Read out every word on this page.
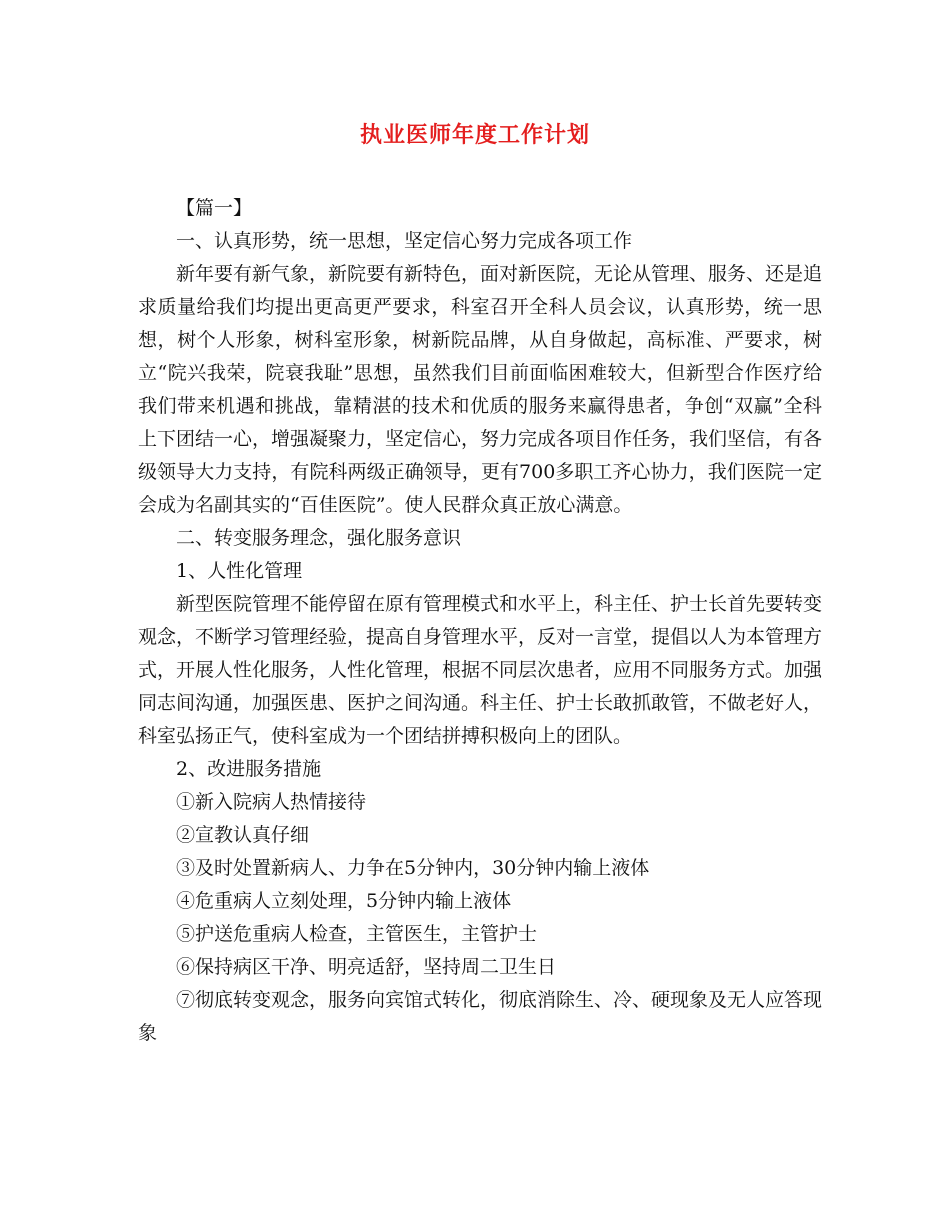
执业医师年度工作计划

【篇一】

一、认真形势，统一思想，坚定信心努力完成各项工作

新年要有新气象，新院要有新特色，面对新医院，无论从管理、服务、还是追求质量给我们均提出更高更严要求，科室召开全科人员会议，认真形势，统一思想，树个人形象，树科室形象，树新院品牌，从自身做起，高标准、严要求，树立“院兴我荣，院衰我耻”思想，虽然我们目前面临困难较大，但新型合作医疗给我们带来机遇和挑战，靠精湛的技术和优质的服务来赢得患者，争创“双赢”全科上下团结一心，增强凝聚力，坚定信心，努力完成各项目作任务，我们坚信，有各级领导大力支持，有院科两级正确领导，更有700多职工齐心协力，我们医院一定会成为名副其实的“百佳医院”。使人民群众真正放心满意。

二、转变服务理念，强化服务意识

1、人性化管理

新型医院管理不能停留在原有管理模式和水平上，科主任、护士长首先要转变观念，不断学习管理经验，提高自身管理水平，反对一言堂，提倡以人为本管理方式，开展人性化服务，人性化管理，根据不同层次患者，应用不同服务方式。加强同志间沟通，加强医患、医护之间沟通。科主任、护士长敢抓敢管，不做老好人，科室弘扬正气，使科室成为一个团结拼搏积极向上的团队。

2、改进服务措施

①新入院病人热情接待

②宣教认真仔细

③及时处置新病人、力争在5分钟内，30分钟内输上液体

④危重病人立刻处理，5分钟内输上液体

⑤护送危重病人检查，主管医生，主管护士

⑥保持病区干净、明亮适舒，坚持周二卫生日

⑦彻底转变观念，服务向宾馆式转化，彻底消除生、冷、硬现象及无人应答现象
